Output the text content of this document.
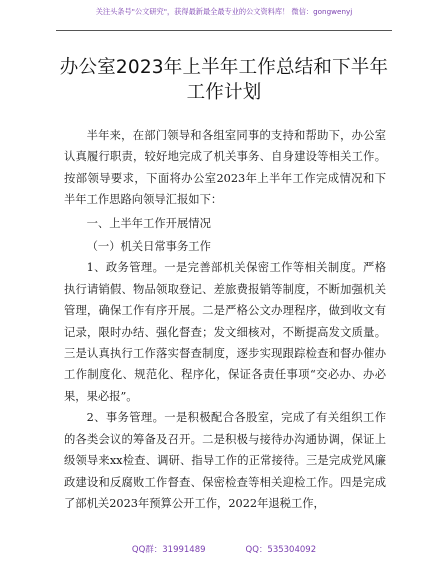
关注头条号"公文研究"，获得最新最全最专业的公文资料库！ 微信：gongwenyj
办公室2023年上半年工作总结和下半年工作计划

半年来，在部门领导和各组室同事的支持和帮助下，办公室认真履行职责，较好地完成了机关事务、自身建设等相关工作。按部领导要求，下面将办公室2023年上半年工作完成情况和下半年工作思路向领导汇报如下：

一、上半年工作开展情况

（一）机关日常事务工作

1、政务管理。一是完善部机关保密工作等相关制度。严格执行请销假、物品领取登记、差旅费报销等制度，不断加强机关管理，确保工作有序开展。二是严格公文办理程序，做到收文有记录，限时办结、强化督查；发文细核对，不断提高发文质量。三是认真执行工作落实督查制度，逐步实现跟踪检查和督办催办工作制度化、规范化、程序化，保证各责任事项“交必办、办必果，果必报”。

2、事务管理。一是积极配合各股室，完成了有关组织工作的各类会议的筹备及召开。二是积极与接待办沟通协调，保证上级领导来xx检查、调研、指导工作的正常接待。三是完成党风廉政建设和反腐败工作督查、保密检查等相关迎检工作。四是完成了部机关2023年预算公开工作，2022年退税工作，

QQ群：31991489	QQ：535304092
